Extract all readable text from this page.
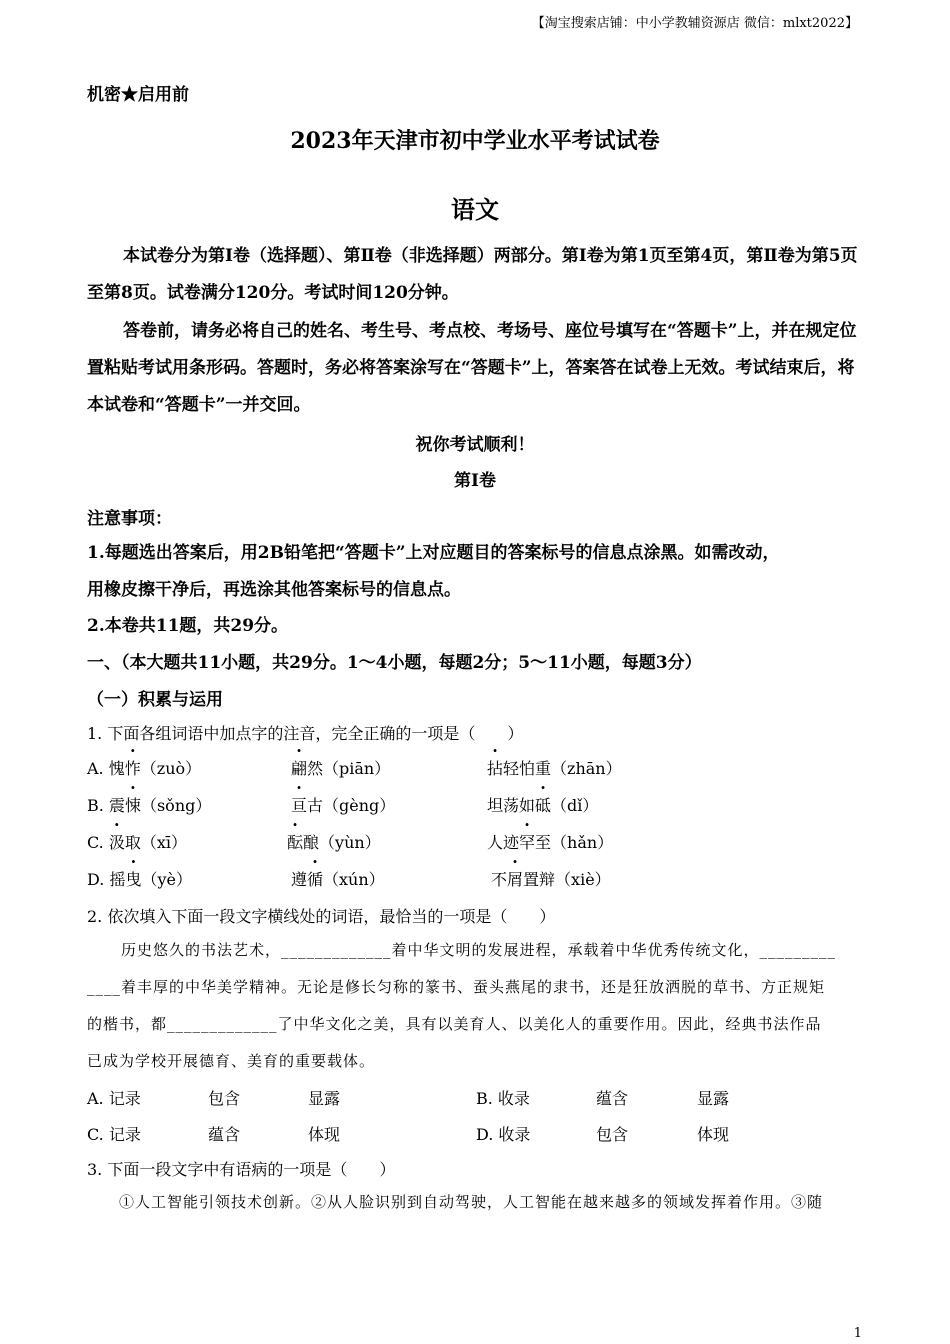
【淘宝搜索店铺：中小学教辅资源店 微信：mlxt2022】
机密★启用前
2023年天津市初中学业水平考试试卷
语文
本试卷分为第Ⅰ卷（选择题）、第Ⅱ卷（非选择题）两部分。第Ⅰ卷为第1页至第4页，第Ⅱ卷为第5页至第8页。试卷满分120分。考试时间120分钟。
答卷前，请务必将自己的姓名、考生号、考点校、考场号、座位号填写在“答题卡”上，并在规定位置粘贴考试用条形码。答题时，务必将答案涂写在“答题卡”上，答案答在试卷上无效。考试结束后，将本试卷和“答题卡”一并交回。
祝你考试顺利！
第Ⅰ卷
注意事项：
1.每题选出答案后，用2B铅笔把“答题卡”上对应题目的答案标号的信息点涂黑。如需改动，
用橡皮擦干净后，再选涂其他答案标号的信息点。
2.本卷共11题，共29分。
一、（本大题共11小题，共29分。1～4小题，每题2分；5～11小题，每题3分）
（一）积累与运用
1. 下面各组词语中加点字的注音，完全正确的一项是（　　）
A. 愧怍（zuò）	翩然（piān）	拈轻怕重（zhān）
B. 震悚（sǒng）	亘古（gèng）	坦荡如砥（dǐ）
C. 汲取（xī）	酝酿（yùn）	人迹罕至（hǎn）
D. 摇曳（yè）	遵循（xún）	不屑置辩（xiè）
2. 依次填入下面一段文字横线处的词语，最恰当的一项是（　　）
历史悠久的书法艺术，_____________着中华文明的发展进程，承载着中华优秀传统文化，_________
____着丰厚的中华美学精神。无论是修长匀称的篆书、蚕头燕尾的隶书，还是狂放洒脱的草书、方正规矩
的楷书，都_____________了中华文化之美，具有以美育人、以美化人的重要作用。因此，经典书法作品
已成为学校开展德育、美育的重要载体。
A. 记录	包含	显露	B. 收录	蕴含	显露
C. 记录	蕴含	体现	D. 收录	包含	体现
3. 下面一段文字中有语病的一项是（　　）
①人工智能引领技术创新。②从人脸识别到自动驾驶，人工智能在越来越多的领域发挥着作用。③随
1
